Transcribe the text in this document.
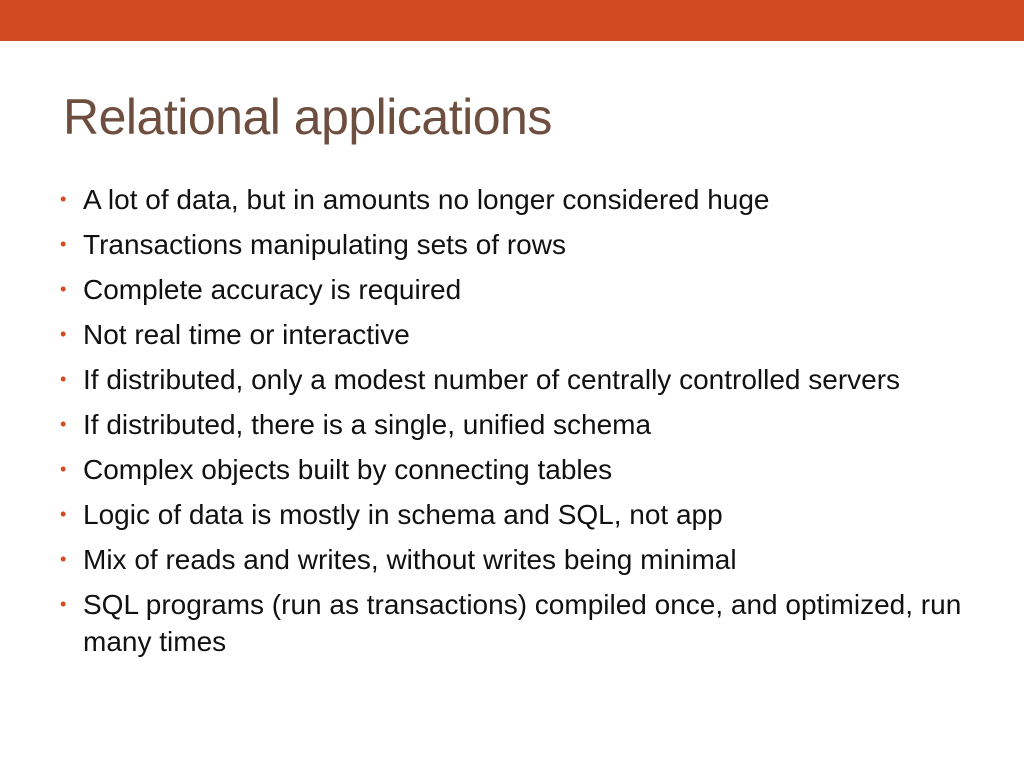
Relational applications
• A lot of data, but in amounts no longer considered huge
• Transactions manipulating sets of rows
• Complete accuracy is required
• Not real time or interactive
• If distributed, only a modest number of centrally controlled servers
• If distributed, there is a single, unified schema
• Complex objects built by connecting tables
• Logic of data is mostly in schema and SQL, not app
• Mix of reads and writes, without writes being minimal
• SQL programs (run as transactions) compiled once, and optimized, run many times
